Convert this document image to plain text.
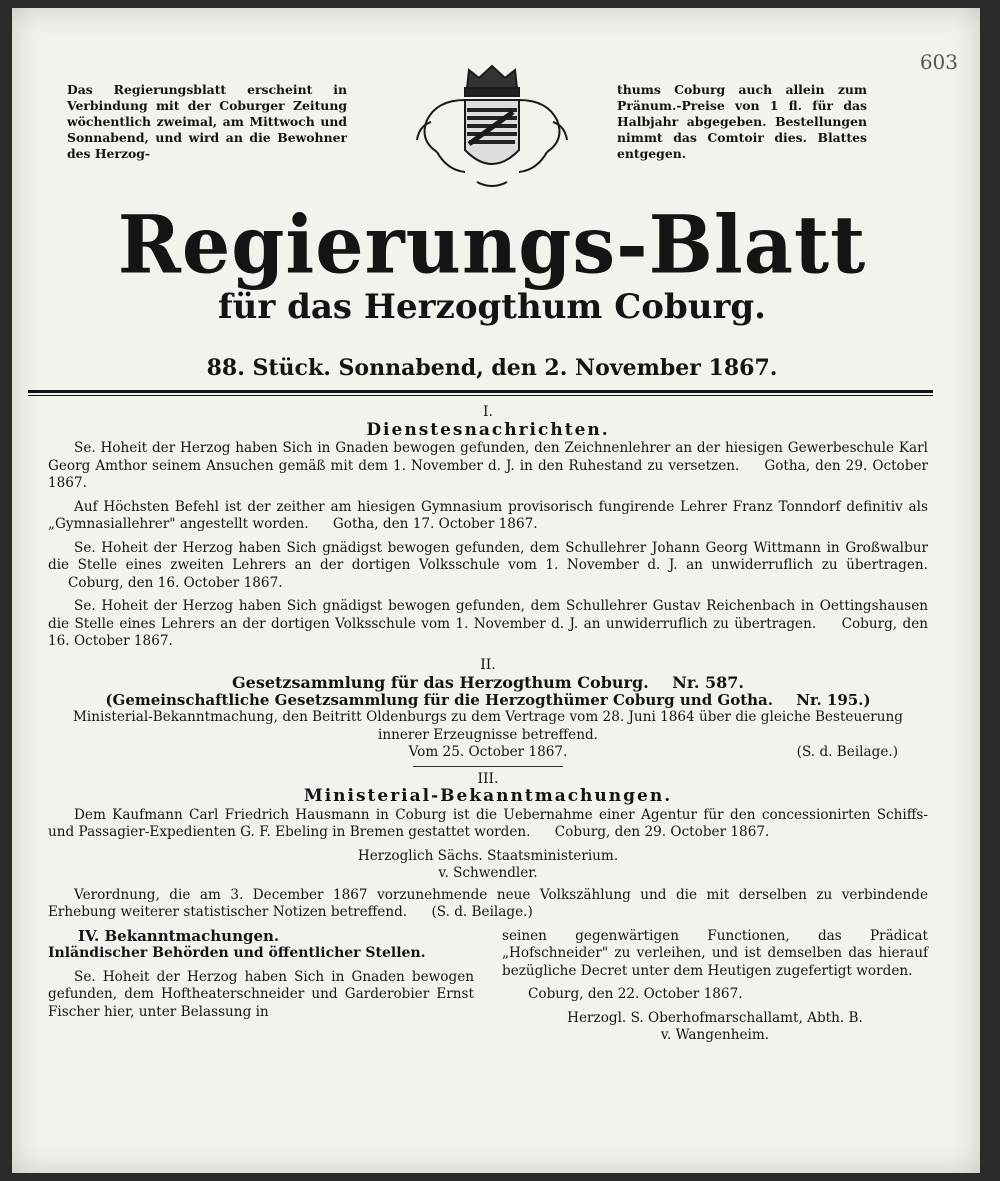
603
Das Regierungsblatt erscheint in Verbindung mit der Coburger Zeitung wöchentlich zweimal, am Mittwoch und Sonnabend, und wird an die Bewohner des Herzog-
thums Coburg auch allein zum Pränum.-Preise von 1 fl. für das Halbjahr abgegeben. Bestellungen nimmt das Comtoir dies. Blattes entgegen.
Regierungs-Blatt
für das Herzogthum Coburg.
88. Stück. Sonnabend, den 2. November 1867.

I.

Dienstesnachrichten.

Se. Hoheit der Herzog haben Sich in Gnaden bewogen gefunden, den Zeichnenlehrer an der hiesigen Gewerbeschule Karl Georg Amthor seinem Ansuchen gemäß mit dem 1. November d. J. in den Ruhestand zu versetzen. Gotha, den 29. October 1867.

Auf Höchsten Befehl ist der zeither am hiesigen Gymnasium provisorisch fungirende Lehrer Franz Tonndorf definitiv als „Gymnasiallehrer" angestellt worden. Gotha, den 17. October 1867.

Se. Hoheit der Herzog haben Sich gnädigst bewogen gefunden, dem Schullehrer Johann Georg Wittmann in Großwalbur die Stelle eines zweiten Lehrers an der dortigen Volksschule vom 1. November d. J. an unwiderruflich zu übertragen. Coburg, den 16. October 1867.

Se. Hoheit der Herzog haben Sich gnädigst bewogen gefunden, dem Schullehrer Gustav Reichenbach in Oettingshausen die Stelle eines Lehrers an der dortigen Volksschule vom 1. November d. J. an unwiderruflich zu übertragen. Coburg, den 16. October 1867.

II.

Gesetzsammlung für das Herzogthum Coburg. Nr. 587.

(Gemeinschaftliche Gesetzsammlung für die Herzogthümer Coburg und Gotha. Nr. 195.)

Ministerial-Bekanntmachung, den Beitritt Oldenburgs zu dem Vertrage vom 28. Juni 1864 über die gleiche Besteuerung innerer Erzeugnisse betreffend.

Vom 25. October 1867.	(S. d. Beilage.)

III.

Ministerial-Bekanntmachungen.

Dem Kaufmann Carl Friedrich Hausmann in Coburg ist die Uebernahme einer Agentur für den concessionirten Schiffs- und Passagier-Expedienten G. F. Ebeling in Bremen gestattet worden. Coburg, den 29. October 1867.

Herzoglich Sächs. Staatsministerium.

v. Schwendler.

Verordnung, die am 3. December 1867 vorzunehmende neue Volkszählung und die mit derselben zu verbindende Erhebung weiterer statistischer Notizen betreffend. (S. d. Beilage.)

IV. Bekanntmachungen.

Inländischer Behörden und öffentlicher Stellen.

Se. Hoheit der Herzog haben Sich in Gnaden bewogen gefunden, dem Hoftheaterschneider und Garderobier Ernst Fischer hier, unter Belassung in

seinen gegenwärtigen Functionen, das Prädicat „Hofschneider" zu verleihen, und ist demselben das hierauf bezügliche Decret unter dem Heutigen zugefertigt worden.

Coburg, den 22. October 1867.

Herzogl. S. Oberhofmarschallamt, Abth. B.

v. Wangenheim.
